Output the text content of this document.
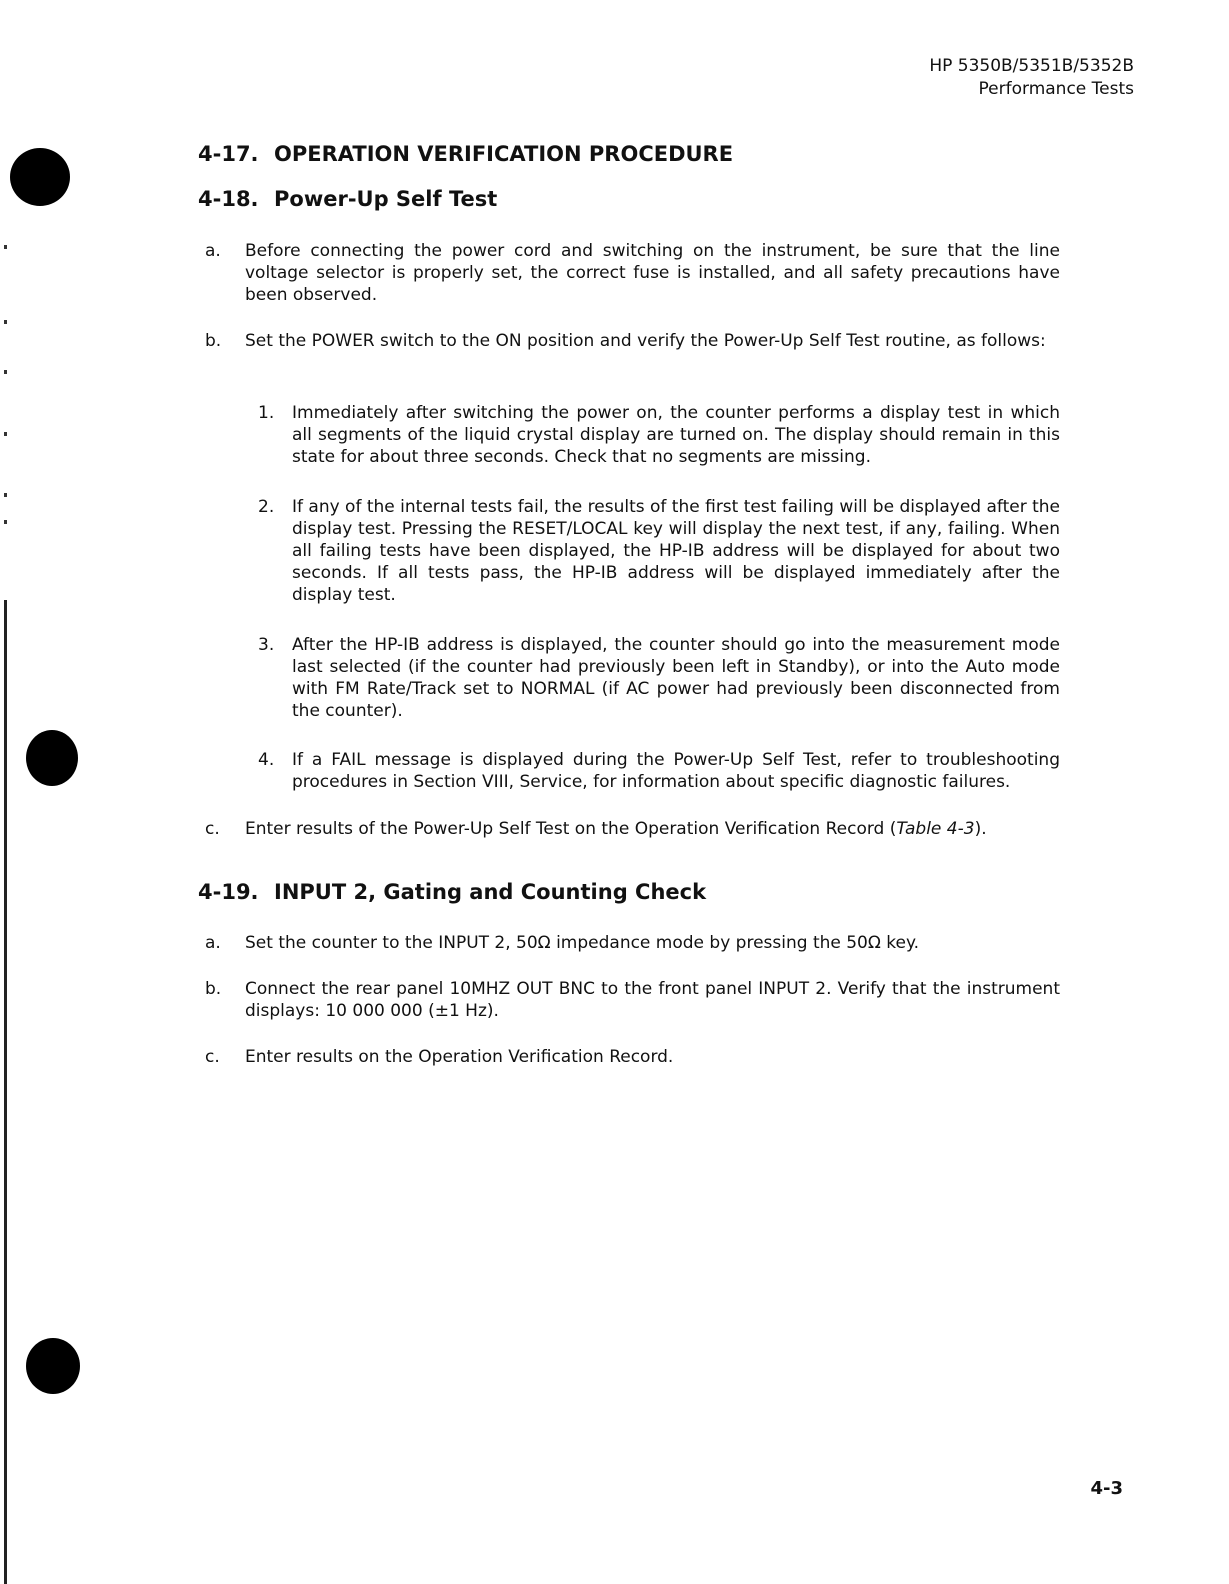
HP 5350B/5351B/5352B
Performance Tests
4-17. OPERATION VERIFICATION PROCEDURE
4-18. Power-Up Self Test
a. Before connecting the power cord and switching on the instrument, be sure that the line voltage selector is properly set, the correct fuse is installed, and all safety precautions have been observed.
b. Set the POWER switch to the ON position and verify the Power-Up Self Test routine, as follows:
1. Immediately after switching the power on, the counter performs a display test in which all segments of the liquid crystal display are turned on. The display should remain in this state for about three seconds. Check that no segments are missing.
2. If any of the internal tests fail, the results of the first test failing will be displayed after the display test. Pressing the RESET/LOCAL key will display the next test, if any, failing. When all failing tests have been displayed, the HP-IB address will be displayed for about two seconds. If all tests pass, the HP-IB address will be displayed immediately after the display test.
3. After the HP-IB address is displayed, the counter should go into the measurement mode last selected (if the counter had previously been left in Standby), or into the Auto mode with FM Rate/Track set to NORMAL (if AC power had previously been disconnected from the counter).
4. If a FAIL message is displayed during the Power-Up Self Test, refer to troubleshooting procedures in Section VIII, Service, for information about specific diagnostic failures.
c. Enter results of the Power-Up Self Test on the Operation Verification Record (Table 4-3).
4-19. INPUT 2, Gating and Counting Check
a. Set the counter to the INPUT 2, 50Ω impedance mode by pressing the 50Ω key.
b. Connect the rear panel 10MHZ OUT BNC to the front panel INPUT 2. Verify that the instrument displays: 10 000 000 (±1 Hz).
c. Enter results on the Operation Verification Record.
4-3
